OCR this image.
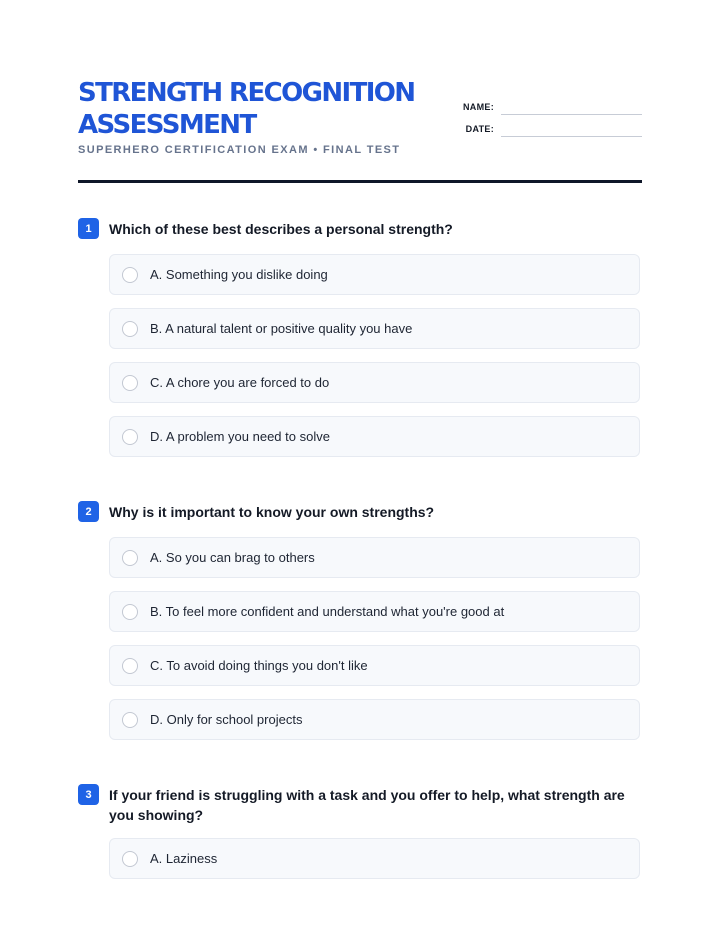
STRENGTH RECOGNITION
ASSESSMENT
SUPERHERO CERTIFICATION EXAM • FINAL TEST
NAME:
DATE:
1	Which of these best describes a personal strength?
A. Something you dislike doing
B. A natural talent or positive quality you have
C. A chore you are forced to do
D. A problem you need to solve
2	Why is it important to know your own strengths?
A. So you can brag to others
B. To feel more confident and understand what you're good at
C. To avoid doing things you don't like
D. Only for school projects
3	If your friend is struggling with a task and you offer to help, what strength are you showing?
A. Laziness
